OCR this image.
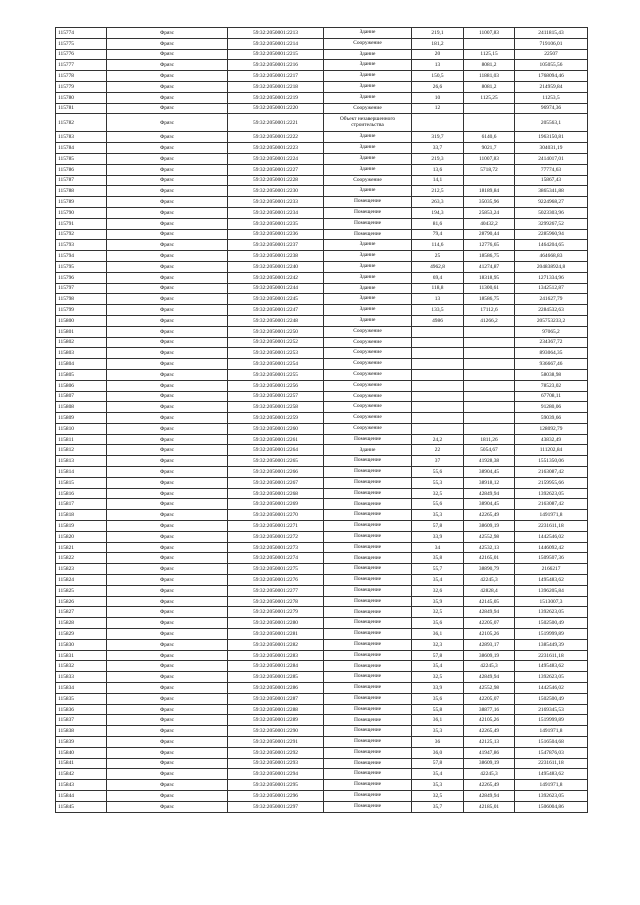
115774	Фрязс	59:32:2050001:2213	Здание	219,1	11007,83	2411815,43
115775	Фрязс	59:32:2050001:2214	Сооружение	181,2		719106,01
115776	Фрязс	59:32:2050001:2215	Здание	20	1125,15	22507
115777	Фрязс	59:32:2050001:2216	Здание	13	8081,2	105055,56
115778	Фрязс	59:32:2050001:2217	Здание	150,5	11881,03	1768094,46
115779	Фрязс	59:32:2050001:2218	Здание	26,6	8081,2	214959,84
115780	Фрязс	59:32:2050001:2219	Здание	10	1125,25	11253,5
115781	Фрязс	59:32:2050001:2220	Сооружение	12		96974,36
115782	Фрязс	59:32:2050001:2221	Объект незавершенного строительства			205563,1
115783	Фрязс	59:32:2050001:2222	Здание	319,7	6140,6	1963150,81
115784	Фрязс	59:32:2050001:2223	Здание	33,7	9021,7	304031,19
115785	Фрязс	59:32:2050001:2224	Здание	219,3	11007,83	2414017,01
115786	Фрязс	59:32:2050001:2227	Здание	13,6	5718,72	77774,63
115787	Фрязс	59:32:2050001:2228	Сооружение	14,1		15867,43
115788	Фрязс	59:32:2050001:2230	Здание	212,5	18189,84	3865341,88
115789	Фрязс	59:32:2050001:2233	Помещение	263,3	35035,96	9224968,27
115790	Фрязс	59:32:2050001:2234	Помещение	194,3	25853,24	5023303,96
115791	Фрязс	59:32:2050001:2235	Помещение	81,6	40432,2	3299267,52
115792	Фрязс	59:32:2050001:2236	Помещение	79,4	28790,44	2285960,94
115793	Фрязс	59:32:2050001:2237	Здание	114,6	12776,65	1464204,65
115794	Фрязс	59:32:2050001:2238	Здание	25	18586,75	464668,83
115795	Фрязс	59:32:2050001:2240	Здание	4962,8	41274,87	204838924,8
115796	Фрязс	59:32:2050001:2242	Здание	69,4	18318,95	1271334,96
115797	Фрязс	59:32:2050001:2244	Здание	118,8	11300,61	1342512,87
115798	Фрязс	59:32:2050001:2245	Здание	13	18586,75	241627,79
115799	Фрязс	59:32:2050001:2247	Здание	133,5	17112,6	2284532,63
115800	Фрязс	59:32:2050001:2248	Здание	4986	41266,2	205753233,2
115801	Фрязс	59:32:2050001:2250	Сооружение			97065,2
115802	Фрязс	59:32:2050001:2252	Сооружение			234367,72
115803	Фрязс	59:32:2050001:2253	Сооружение			893064,35
115804	Фрязс	59:32:2050001:2254	Сооружение			936667,46
115805	Фрязс	59:32:2050001:2255	Сооружение			58038,98
115806	Фрязс	59:32:2050001:2256	Сооружение			78523,02
115807	Фрязс	59:32:2050001:2257	Сооружение			67708,11
115808	Фрязс	59:32:2050001:2258	Сооружение			91280,06
115809	Фрязс	59:32:2050001:2259	Сооружение			59039,66
115810	Фрязс	59:32:2050001:2260	Сооружение			128092,79
115811	Фрязс	59:32:2050001:2261	Помещение	24,2	1811,26	43832,49
115812	Фрязс	59:32:2050001:2264	Здание	22	5054,67	111202,84
115813	Фрязс	59:32:2050001:2265	Помещение	37	41928,38	1551350,06
115814	Фрязс	59:32:2050001:2266	Помещение	55,6	38904,45	2163087,42
115815	Фрязс	59:32:2050001:2267	Помещение	55,3	38918,12	2159955,66
115816	Фрязс	59:32:2050001:2268	Помещение	32,5	42849,94	1392623,05
115817	Фрязс	59:32:2050001:2269	Помещение	55,6	38904,45	2163087,42
115818	Фрязс	59:32:2050001:2270	Помещение	35,3	42265,49	1491971,8
115819	Фрязс	59:32:2050001:2271	Помещение	57,8	38609,19	2231611,18
115820	Фрязс	59:32:2050001:2272	Помещение	33,9	42552,98	1442546,02
115821	Фрязс	59:32:2050001:2273	Помещение	34	42532,13	1446092,42
115822	Фрязс	59:32:2050001:2274	Помещение	35,8	42165,01	1509507,36
115823	Фрязс	59:32:2050001:2275	Помещение	55,7	38890,79	2166217
115824	Фрязс	59:32:2050001:2276	Помещение	35,4	42245,3	1495483,62
115825	Фрязс	59:32:2050001:2277	Помещение	32,6	42828,4	1396205,84
115826	Фрязс	59:32:2050001:2278	Помещение	35,9	42145,05	1513007,3
115827	Фрязс	59:32:2050001:2279	Помещение	32,5	42849,94	1392623,05
115828	Фрязс	59:32:2050001:2280	Помещение	35,6	42205,07	1502500,49
115829	Фрязс	59:32:2050001:2281	Помещение	36,1	42105,26	1519999,89
115830	Фрязс	59:32:2050001:2282	Помещение	32,3	42893,17	1385449,39
115831	Фрязс	59:32:2050001:2283	Помещение	57,8	38609,19	2231611,18
115832	Фрязс	59:32:2050001:2284	Помещение	35,4	42245,3	1495483,62
115833	Фрязс	59:32:2050001:2285	Помещение	32,5	42849,94	1392623,05
115834	Фрязс	59:32:2050001:2286	Помещение	33,9	42552,98	1442546,02
115835	Фрязс	59:32:2050001:2287	Помещение	35,6	42205,07	1502500,49
115836	Фрязс	59:32:2050001:2288	Помещение	55,8	38877,16	2169345,53
115837	Фрязс	59:32:2050001:2289	Помещение	36,1	42105,26	1519999,89
115838	Фрязс	59:32:2050001:2290	Помещение	35,3	42265,49	1491971,8
115839	Фрязс	59:32:2050001:2291	Помещение	36	42125,13	1516504,68
115840	Фрязс	59:32:2050001:2292	Помещение	36,0	41947,86	1547876,03
115841	Фрязс	59:32:2050001:2293	Помещение	57,8	38609,19	2231611,18
115842	Фрязс	59:32:2050001:2294	Помещение	35,4	42245,3	1495483,62
115843	Фрязс	59:32:2050001:2295	Помещение	35,3	42265,49	1491971,8
115844	Фрязс	59:32:2050001:2296	Помещение	32,5	42849,94	1392623,05
115845	Фрязс	59:32:2050001:2297	Помещение	35,7	42185,01	1506004,86
